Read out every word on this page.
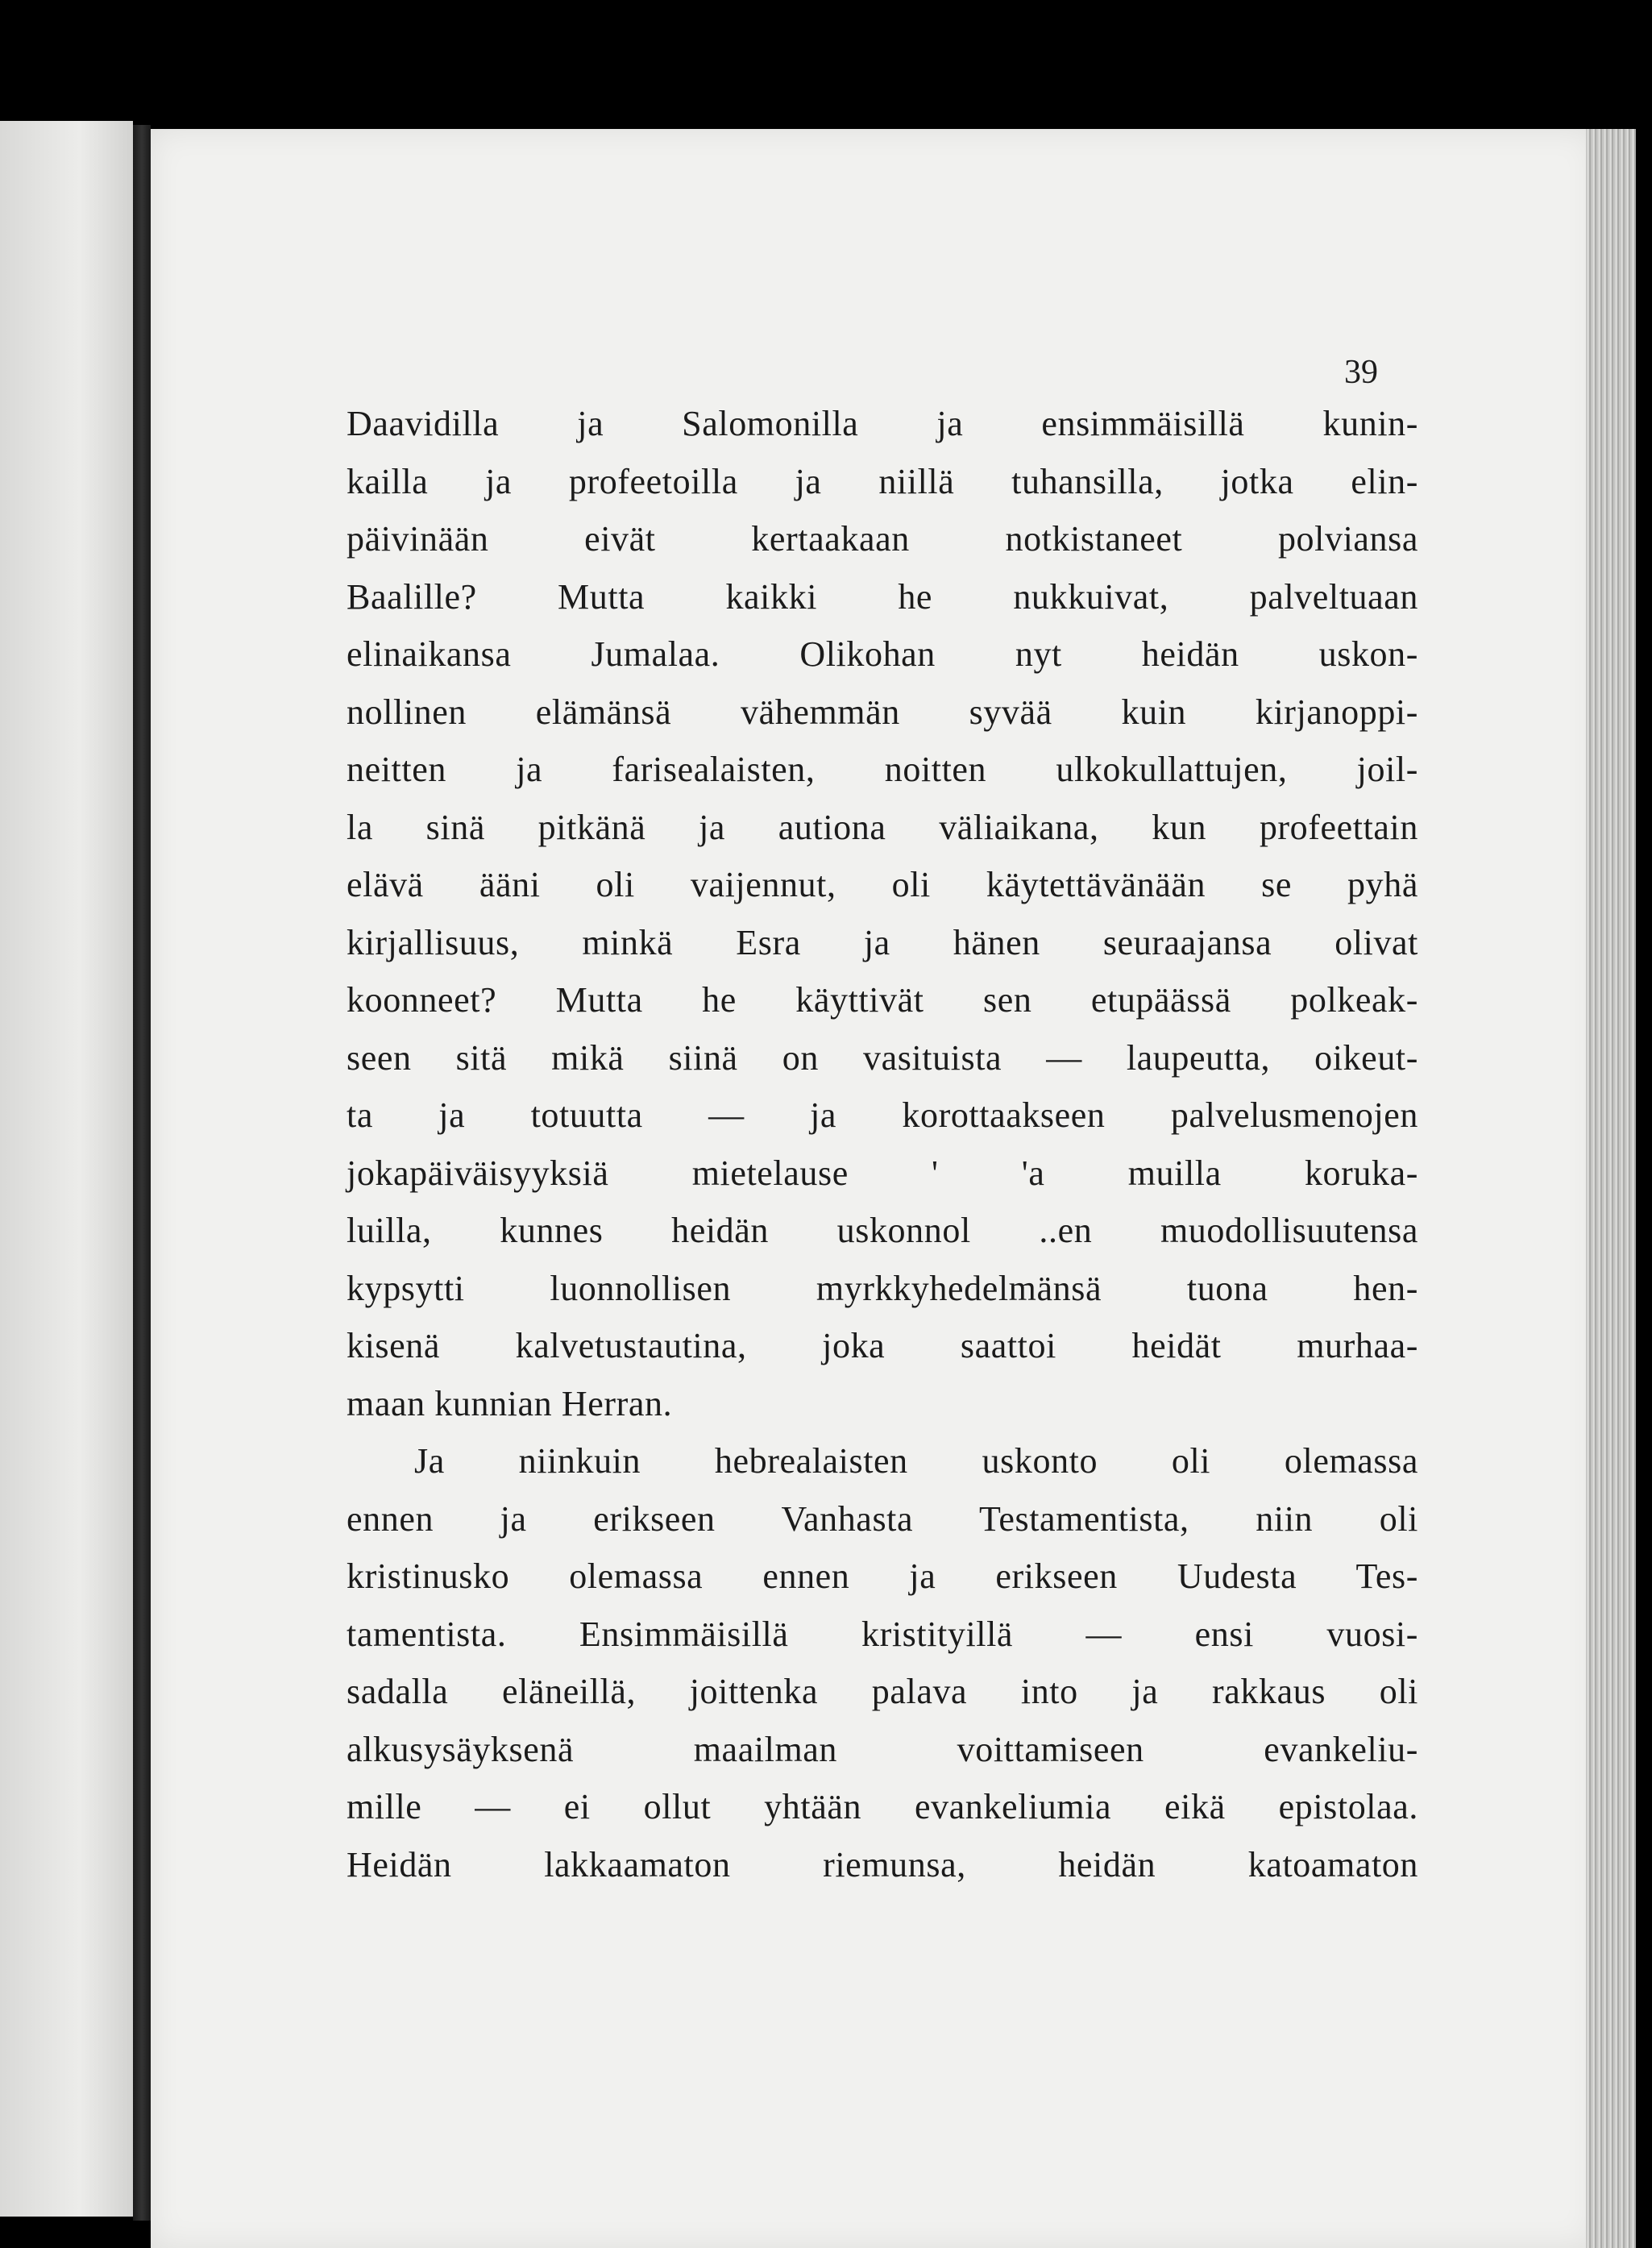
39

Daavidilla ja Salomonilla ja ensimmäisillä kunin-
kailla ja profeetoilla ja niillä tuhansilla, jotka elin-
päivinään eivät kertaakaan notkistaneet polviansa
Baalille? Mutta kaikki he nukkuivat, palveltuaan
elinaikansa Jumalaa. Olikohan nyt heidän uskon-
nollinen elämänsä vähemmän syvää kuin kirjanoppi-
neitten ja farisealaisten, noitten ulkokullattujen, joil-
la sinä pitkänä ja autiona väliaikana, kun profeettain
elävä ääni oli vaijennut, oli käytettävänään se pyhä
kirjallisuus, minkä Esra ja hänen seuraajansa olivat
koonneet? Mutta he käyttivät sen etupäässä polkeak-
seen sitä mikä siinä on vasituista — laupeutta, oikeut-
ta ja totuutta — ja korottaakseen palvelusmenojen
jokapäiväisyyksiä mietelause ' 'a muilla koruka-
luilla, kunnes heidän uskonnol ..en muodollisuutensa
kypsytti luonnollisen myrkkyhedelmänsä tuona hen-
kisenä kalvetustautina, joka saattoi heidät murhaa-
maan kunnian Herran.
Ja niinkuin hebrealaisten uskonto oli olemassa
ennen ja erikseen Vanhasta Testamentista, niin oli
kristinusko olemassa ennen ja erikseen Uudesta Tes-
tamentista. Ensimmäisillä kristityillä — ensi vuosi-
sadalla eläneillä, joittenka palava into ja rakkaus oli
alkusysäyksenä maailman voittamiseen evankeliu-
mille — ei ollut yhtään evankeliumia eikä epistolaa.
Heidän lakkaamaton riemunsa, heidän katoamaton
